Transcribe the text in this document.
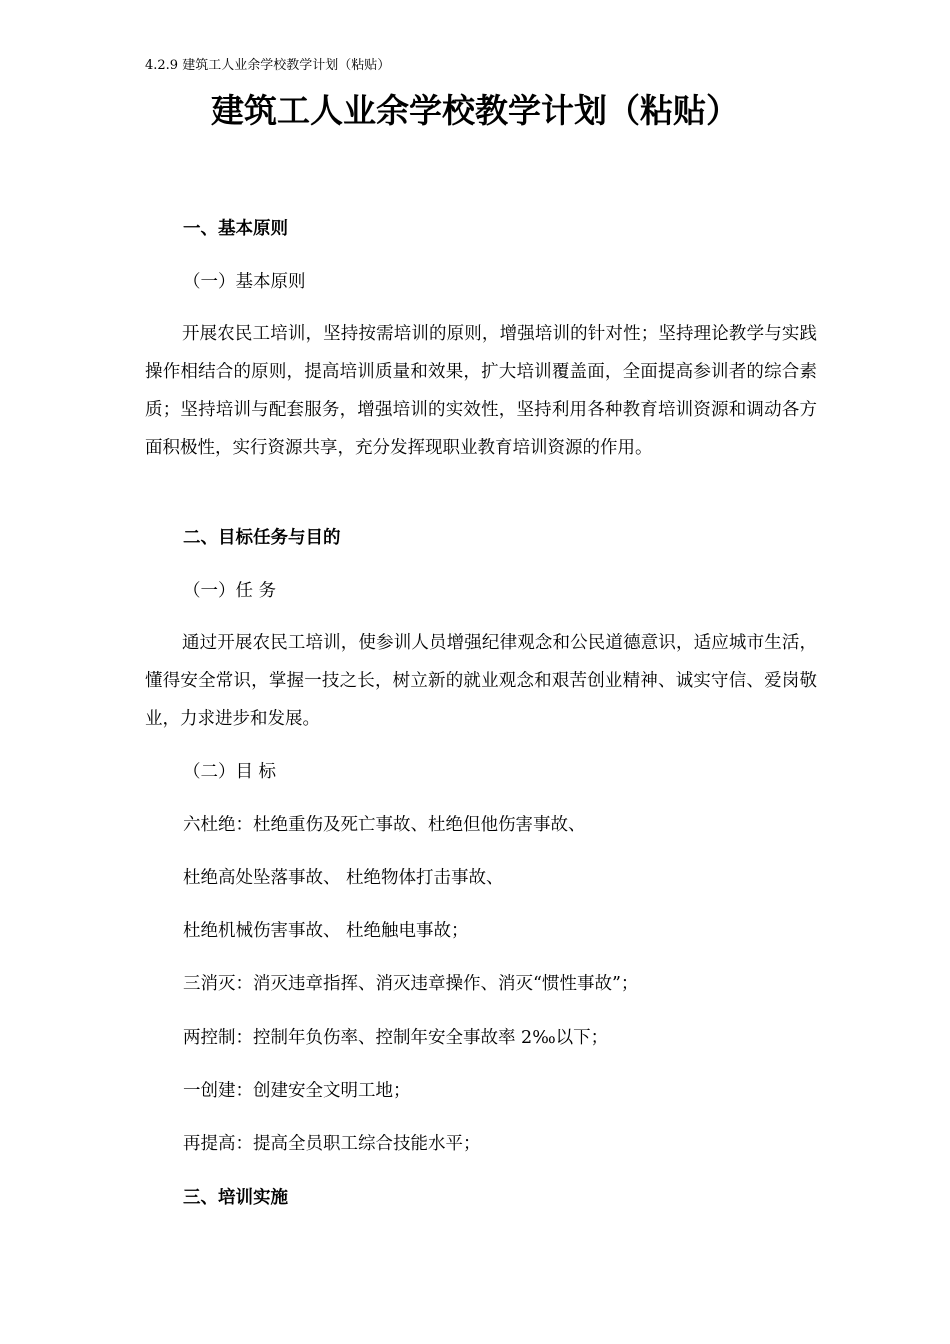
4.2.9 建筑工人业余学校教学计划（粘贴）
建筑工人业余学校教学计划（粘贴）
一、基本原则
（一）基本原则
开展农民工培训，坚持按需培训的原则，增强培训的针对性；坚持理论教学与实践操作相结合的原则，提高培训质量和效果，扩大培训覆盖面，全面提高参训者的综合素质；坚持培训与配套服务，增强培训的实效性，坚持利用各种教育培训资源和调动各方面积极性，实行资源共享，充分发挥现职业教育培训资源的作用。
二、目标任务与目的
（一）任 务
通过开展农民工培训，使参训人员增强纪律观念和公民道德意识，适应城市生活，懂得安全常识，掌握一技之长，树立新的就业观念和艰苦创业精神、诚实守信、爱岗敬业，力求进步和发展。
（二）目 标
六杜绝：杜绝重伤及死亡事故、杜绝但他伤害事故、
杜绝高处坠落事故、 杜绝物体打击事故、
杜绝机械伤害事故、 杜绝触电事故；
三消灭：消灭违章指挥、消灭违章操作、消灭“惯性事故”；
两控制：控制年负伤率、控制年安全事故率 2‰以下；
一创建：创建安全文明工地；
再提高：提高全员职工综合技能水平；
三、培训实施
